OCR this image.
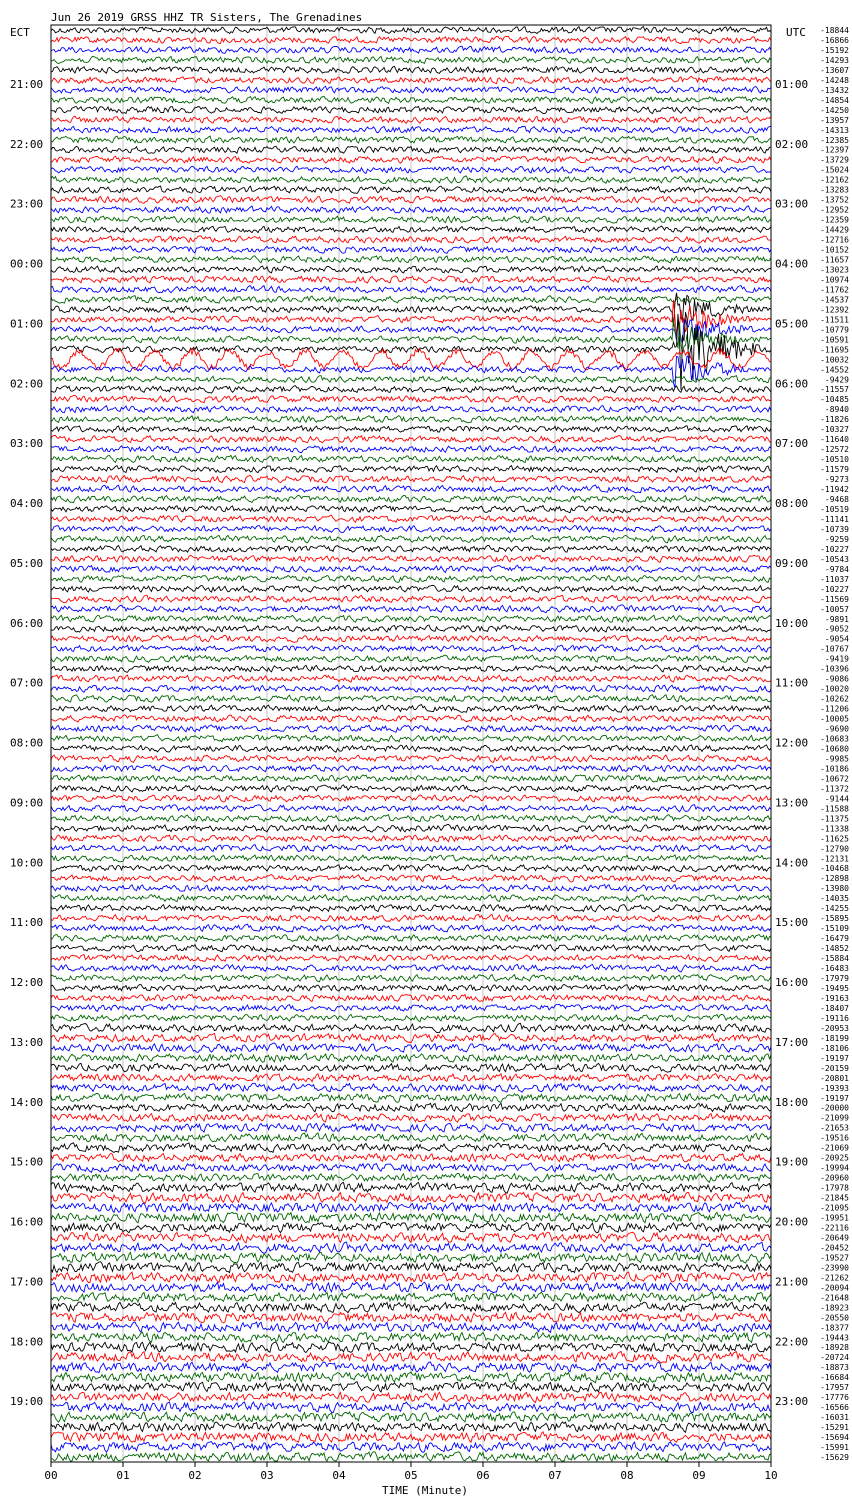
Jun 26 2019 GRSS HHZ TR Sisters, The Grenadines
ECT	UTC
21:00
22:00
23:00
00:00
01:00
02:00
03:00
04:00
05:00
06:00
07:00
08:00
09:00
10:00
11:00
12:00
13:00
14:00
15:00
16:00
17:00
18:00
19:00
01:00
02:00
03:00
04:00
05:00
06:00
07:00
08:00
09:00
10:00
11:00
12:00
13:00
14:00
15:00
16:00
17:00
18:00
19:00
20:00
21:00
22:00
23:00
-18844
-16866
-15192
-14293
-13607
-14248
-13432
-14854
-14250
-13957
-14313
-12385
-12397
-13729
-15024
-12162
-13283
-13752
-12952
-12359
-14429
-12716
-10152
-11657
-13023
-10974
-11762
-14537
-12392
-11511
-10779
-10591
-11695
-10032
-14552
-9429
-11557
-10485
-8940
-11826
-10327
-11640
-12572
-10510
-11579
-9273
-11942
-9468
-10519
-11141
-10739
-9259
-10227
-10543
-9784
-11037
-10227
-11569
-10057
-9891
-9052
-9054
-10767
-9419
-10396
-9086
-10020
-10262
-11206
-10005
-9690
-10683
-10680
-9985
-10186
-10672
-11372
-9144
-11588
-11375
-11338
-11625
-12790
-12131
-10468
-12898
-13980
-14035
-14255
-15895
-15109
-16479
-14852
-15884
-16483
-17979
-19495
-19163
-18407
-19116
-20953
-18199
-18106
-19197
-20159
-20801
-19393
-19197
-20000
-21099
-21653
-19516
-21069
-20925
-19994
-20960
-17978
-21845
-21095
-19951
-22116
-20649
-20452
-19527
-23990
-21262
-20094
-21648
-18923
-20550
-18377
-19443
-18928
-20724
-18873
-16684
-17957
-17776
-16566
-16031
-15291
-15694
-15991
-15629
00	01	02	03	04	05	06	07	08	09	10
TIME (Minute)
